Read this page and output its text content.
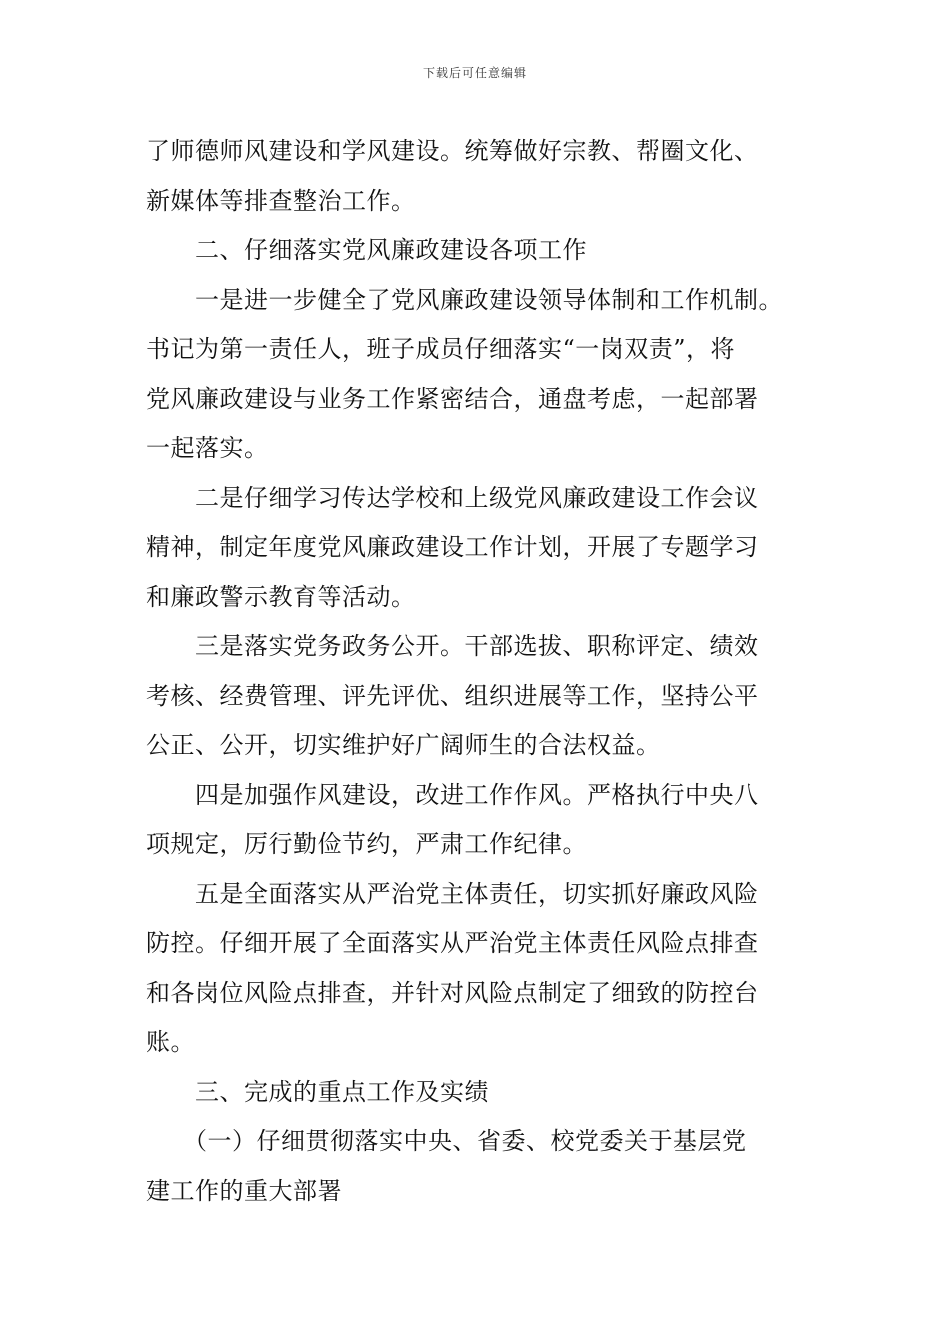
下载后可任意编辑

了师德师风建设和学风建设。统筹做好宗教、帮圈文化、
新媒体等排查整治工作。

　　二、仔细落实党风廉政建设各项工作

　　一是进一步健全了党风廉政建设领导体制和工作机制。
书记为第一责任人，班子成员仔细落实“一岗双责”，将
党风廉政建设与业务工作紧密结合，通盘考虑，一起部署
一起落实。

　　二是仔细学习传达学校和上级党风廉政建设工作会议
精神，制定年度党风廉政建设工作计划，开展了专题学习
和廉政警示教育等活动。

　　三是落实党务政务公开。干部选拔、职称评定、绩效
考核、经费管理、评先评优、组织进展等工作，坚持公平
公正、公开，切实维护好广阔师生的合法权益。

　　四是加强作风建设，改进工作作风。严格执行中央八
项规定，厉行勤俭节约，严肃工作纪律。

　　五是全面落实从严治党主体责任，切实抓好廉政风险
防控。仔细开展了全面落实从严治党主体责任风险点排查
和各岗位风险点排查，并针对风险点制定了细致的防控台
账。

　　三、完成的重点工作及实绩

　　（一）仔细贯彻落实中央、省委、校党委关于基层党
建工作的重大部署
